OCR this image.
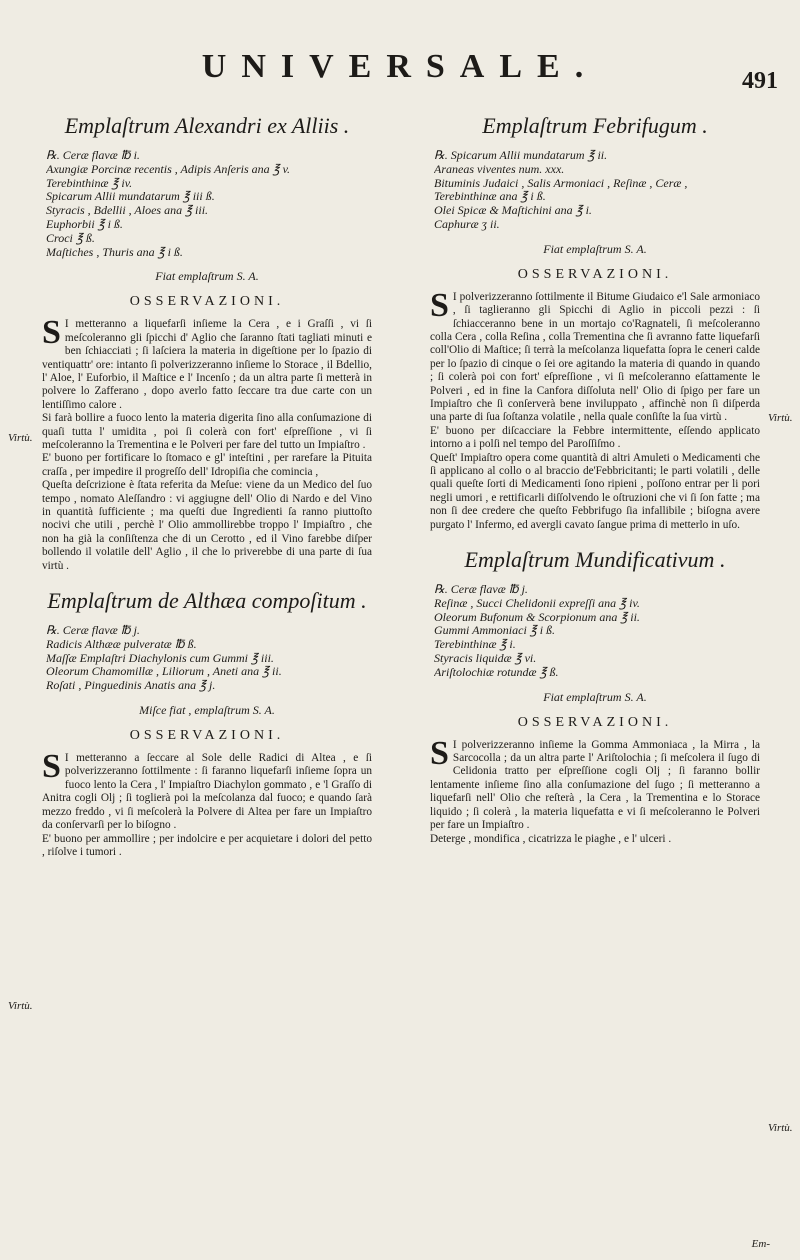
UNIVERSALE.	491
Emplaſtrum Alexandri ex Alliis .
℞. Ceræ flavæ ℔ i.
Axungiæ Porcinæ recentis , Adipis Anſeris ana ℥ v.
Terebinthinæ ℥ iv.
Spicarum Allii mundatarum ℥ iii ß.
Styracis , Bdellii , Aloes ana ℥ iii.
Euphorbii ℥ i ß.
Croci ℥ ß.
Maſtiches , Thuris ana ℥ i ß.
Fiat emplaſtrum S. A.
OSSERVAZIONI.
S I metteranno a liquefarſi inſieme la Cera , e i Graſſi , vi ſi meſcoleranno gli ſpicchi d' Aglio che ſaranno ſtati tagliati minuti e ben ſchiacciati ; ſi laſciera la materia in digeſtione per lo ſpazio di ventiquattr' ore: intanto ſi polverizzeranno inſieme lo Storace , il Bdellio, l' Aloe, l' Euforbio, il Maſtice e l' Incenſo ; da un altra parte ſi metterà in polvere lo Zafferano , dopo averlo fatto ſeccare tra due carte con un lentiſſimo calore .

Si farà bollire a fuoco lento la materia digerita ſino alla conſumazione di quaſi tutta l' umidita , poi ſi colerà con fort' eſpreſſione , vi ſi meſcoleranno la Trementina e le Polveri per fare del tutto un Impiaſtro .

E' buono per fortificare lo ſtomaco e gl' inteſtini , per rarefare la Pituita craſſa , per impedire il progreſſo dell' Idropiſia che comincia ,

Queſta deſcrizione è ſtata referita da Meſue: viene da un Medico del ſuo tempo , nomato Aleſſandro : vi aggiugne dell' Olio di Nardo e del Vino in quantità ſufficiente ; ma queſti due Ingredienti ſa ranno piuttoſto nocivi che utili , perchè l' Olio ammollirebbe troppo l' Impiaſtro , che non ha già la conſiſtenza che di un Cerotto , ed il Vino farebbe diſper bollendo il volatile dell' Aglio , il che lo priverebbe di una parte di ſua virtù .

Emplaſtrum de Althæa compoſitum .
℞. Ceræ flavæ ℔ j.
Radicis Althææ pulveratæ ℔ ß.
Maſſæ Emplaſtri Diachylonis cum Gummi ℥ iii.
Oleorum Chamomillæ , Liliorum , Aneti ana ℥ ii.
Roſati , Pinguedinis Anatis ana ℥ j.
Miſce fiat , emplaſtrum S. A.
OSSERVAZIONI.
S I metteranno a ſeccare al Sole delle Radici di Altea , e ſi polverizzeranno ſottilmente : ſi faranno liquefarſi inſieme ſopra un fuoco lento la Cera , l' Impiaſtro Diachylon gommato , e 'l Graſſo di Anitra cogli Olj ; ſi toglierà poi la meſcolanza dal fuoco; e quando ſarà mezzo freddo , vi ſi meſcolerà la Polvere di Altea per fare un Impiaſtro da conſervarſi per lo biſogno .

E' buono per ammollire ; per indolcire e per acquietare i dolori del petto , riſolve i tumori .

Virtù.
Virtù.
Emplaſtrum Febrifugum .
℞. Spicarum Allii mundatarum ℥ ii.
Araneas viventes num. xxx.
Bituminis Judaici , Salis Armoniaci , Reſinæ , Ceræ ,
Terebinthinæ ana ℥ i ß.
Olei Spicæ & Maſtichini ana ℥ i.
Caphuræ ʒ ii.
Fiat emplaſtrum S. A.
OSSERVAZIONI.
S I polverizzeranno ſottilmente il Bitume Giudaico e'l Sale armoniaco , ſi taglieranno gli Spicchi di Aglio in piccoli pezzi : ſi ſchiacceranno bene in un mortajo co'Ragnateli, ſi meſcoleranno colla Cera , colla Reſina , colla Trementina che ſi avranno fatte liquefarſi coll'Olio di Maſtice; ſi terrà la meſcolanza liquefatta ſopra le ceneri calde per lo ſpazio di cinque o ſei ore agitando la materia di quando in quando ; ſi colerà poi con fort' eſpreſſione , vi ſi meſcoleranno eſattamente le Polveri , ed in fine la Canfora diſſoluta nell' Olio di ſpigo per fare un Impiaſtro che ſi conſerverà bene inviluppato , affinchè non ſi diſperda una parte di ſua ſoſtanza volatile , nella quale conſiſte la ſua virtù .

E' buono per diſcacciare la Febbre intermittente, eſſendo applicato intorno a i polſi nel tempo del Paroſſiſmo .

Queſt' Impiaſtro opera come quantità di altri Amuleti o Medicamenti che ſi applicano al collo o al braccio de'Febbricitanti; le parti volatili , delle quali queſte ſorti di Medicamenti ſono ripieni , poſſono entrar per li pori negli umori , e rettificarli diſſolvendo le oſtruzioni che vi ſi ſon fatte ; ma non ſi dee credere che queſto Febbrifugo ſia infallibile ; biſogna avere purgato l' Infermo, ed avergli cavato ſangue prima di metterlo in uſo.

Emplaſtrum Mundificativum .
℞. Ceræ flavæ ℔ j.
Reſinæ , Succi Chelidonii expreſſi ana ℥ iv.
Oleorum Bufonum & Scorpionum ana ℥ ii.
Gummi Ammoniaci ℥ i ß.
Terebinthinæ ℥ i.
Styracis liquidæ ℥ vi.
Ariſtolochiæ rotundæ ℥ ß.
Fiat emplaſtrum S. A.
OSSERVAZIONI.
S I polverizzeranno inſieme la Gomma Ammoniaca , la Mirra , la Sarcocolla ; da un altra parte l' Ariſtolochia ; ſi meſcolera il ſugo di Celidonia tratto per eſpreſſione cogli Olj ; ſi faranno bollir lentamente inſieme ſino alla conſumazione del ſugo ; ſi metteranno a liquefarſi nell' Olio che reſterà , la Cera , la Trementina e lo Storace liquido ; ſi colerà , la materia liquefatta e vi ſi meſcoleranno le Polveri per fare un Impiaſtro .

Deterge , mondifica , cicatrizza le piaghe , e l' ulceri .

Virtù.
Virtù.
Em-
